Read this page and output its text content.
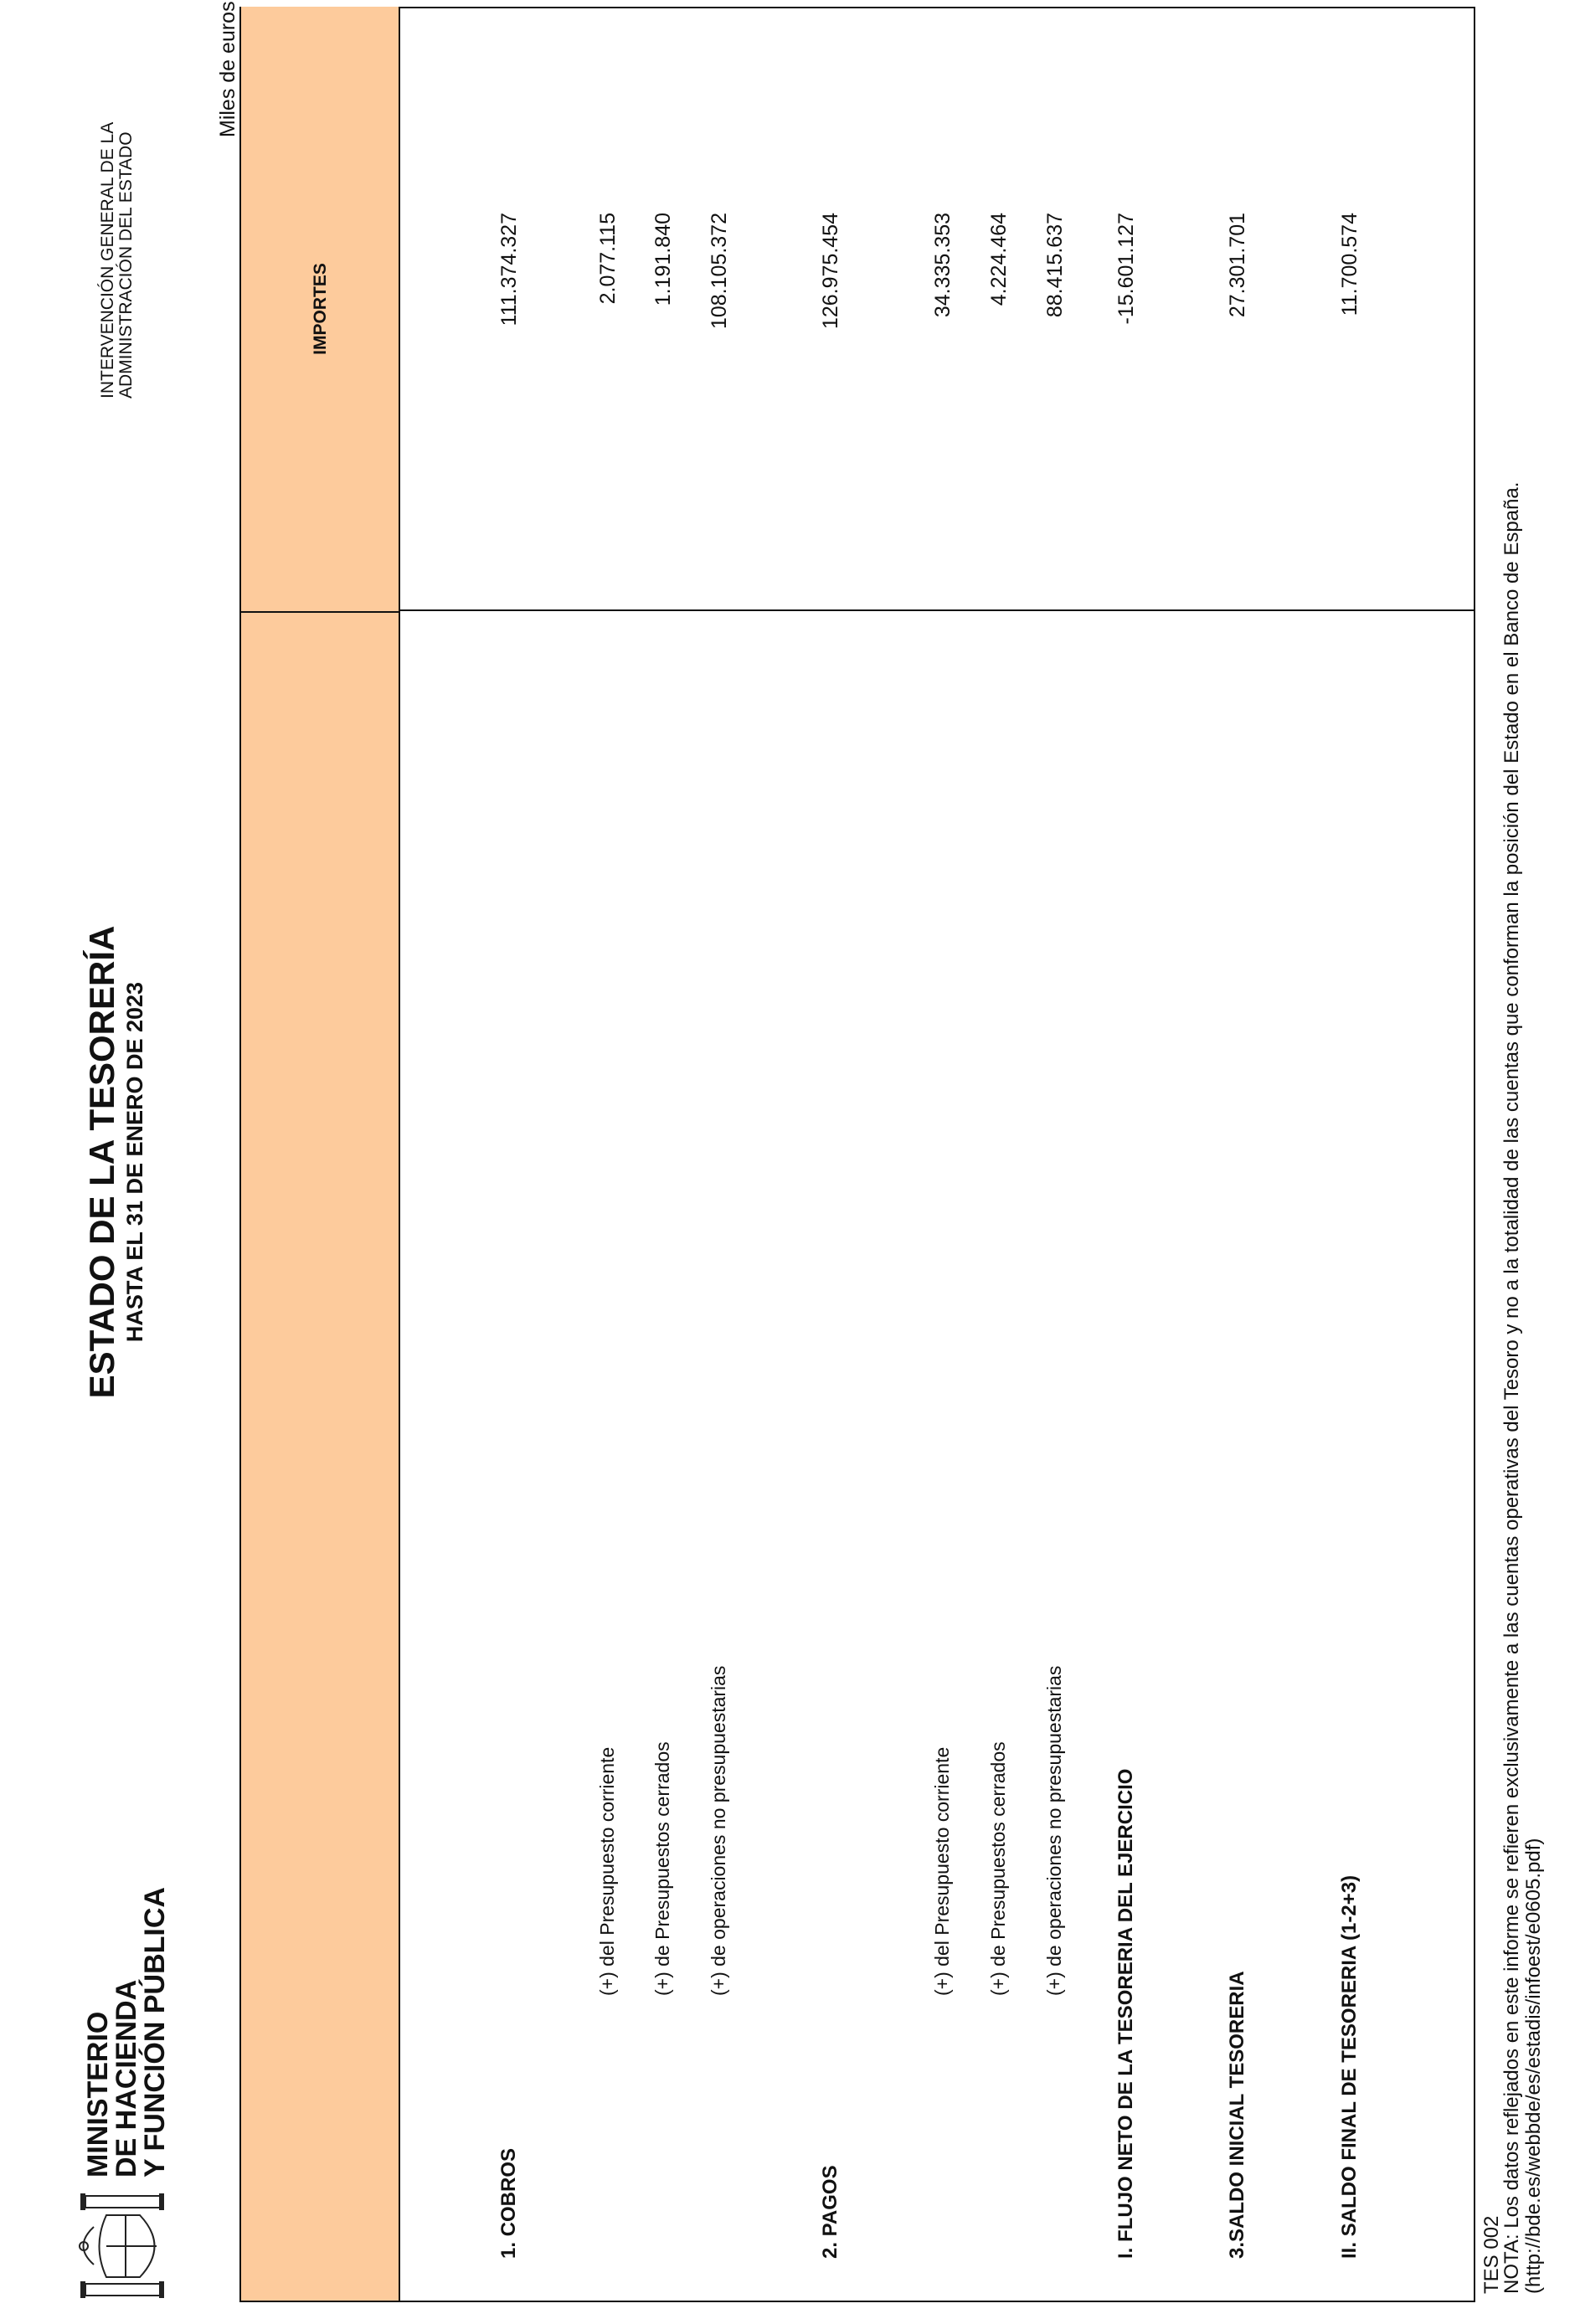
MINISTERIO
DE HACIENDA
Y FUNCIÓN PÚBLICA
ESTADO DE LA TESORERÍA HASTA EL 31 DE ENERO DE 2023
INTERVENCIÓN GENERAL DE LA ADMINISTRACIÓN DEL ESTADO
Miles de euros
IMPORTES
1. COBROS
111.374.327
(+) del Presupuesto corriente
2.077.115
(+) de Presupuestos cerrados
1.191.840
(+) de operaciones no presupuestarias
108.105.372
2. PAGOS
126.975.454
(+) del Presupuesto corriente
34.335.353
(+) de Presupuestos cerrados
4.224.464
(+) de operaciones no presupuestarias
88.415.637
I. FLUJO NETO DE LA TESORERIA DEL EJERCICIO
-15.601.127
3.SALDO INICIAL TESORERIA
27.301.701
II. SALDO FINAL DE TESORERIA (1-2+3)
11.700.574
TES 002
NOTA: Los datos reflejados en este informe se refieren exclusivamente a las cuentas operativas del Tesoro y no a la totalidad de las cuentas que conforman la posición del Estado en el Banco de España. (http://bde.es/webbde/es/estadis/infoest/e0605.pdf)
